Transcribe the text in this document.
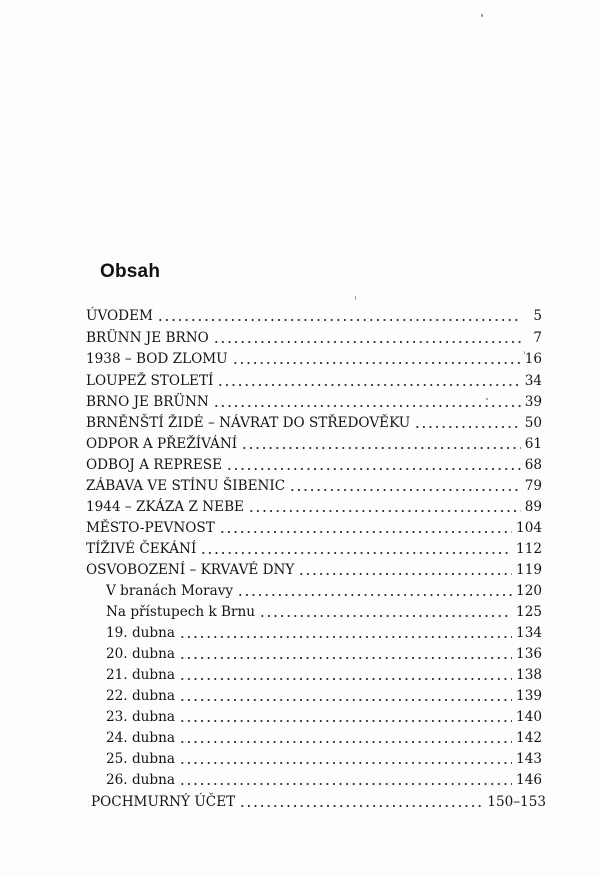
Obsah
ÚVODEM	5
BRÜNN JE BRNO	7
1938 – BOD ZLOMU	16
LOUPEŽ STOLETÍ	34
BRNO JE BRÜNN	39
BRNĚNŠTÍ ŽIDÉ – NÁVRAT DO STŘEDOVĚKU	50
ODPOR A PŘEŽÍVÁNÍ	61
ODBOJ A REPRESE	68
ZÁBAVA VE STÍNU ŠIBENIC	79
1944 – ZKÁZA Z NEBE	89
MĚSTO-PEVNOST	104
TÍŽIVÉ ČEKÁNÍ	112
OSVOBOZENÍ – KRVAVÉ DNY	119
V branách Moravy	120
Na přístupech k Brnu	125
19. dubna	134
20. dubna	136
21. dubna	138
22. dubna	139
23. dubna	140
24. dubna	142
25. dubna	143
26. dubna	146
POCHMURNÝ ÚČET	150–153
